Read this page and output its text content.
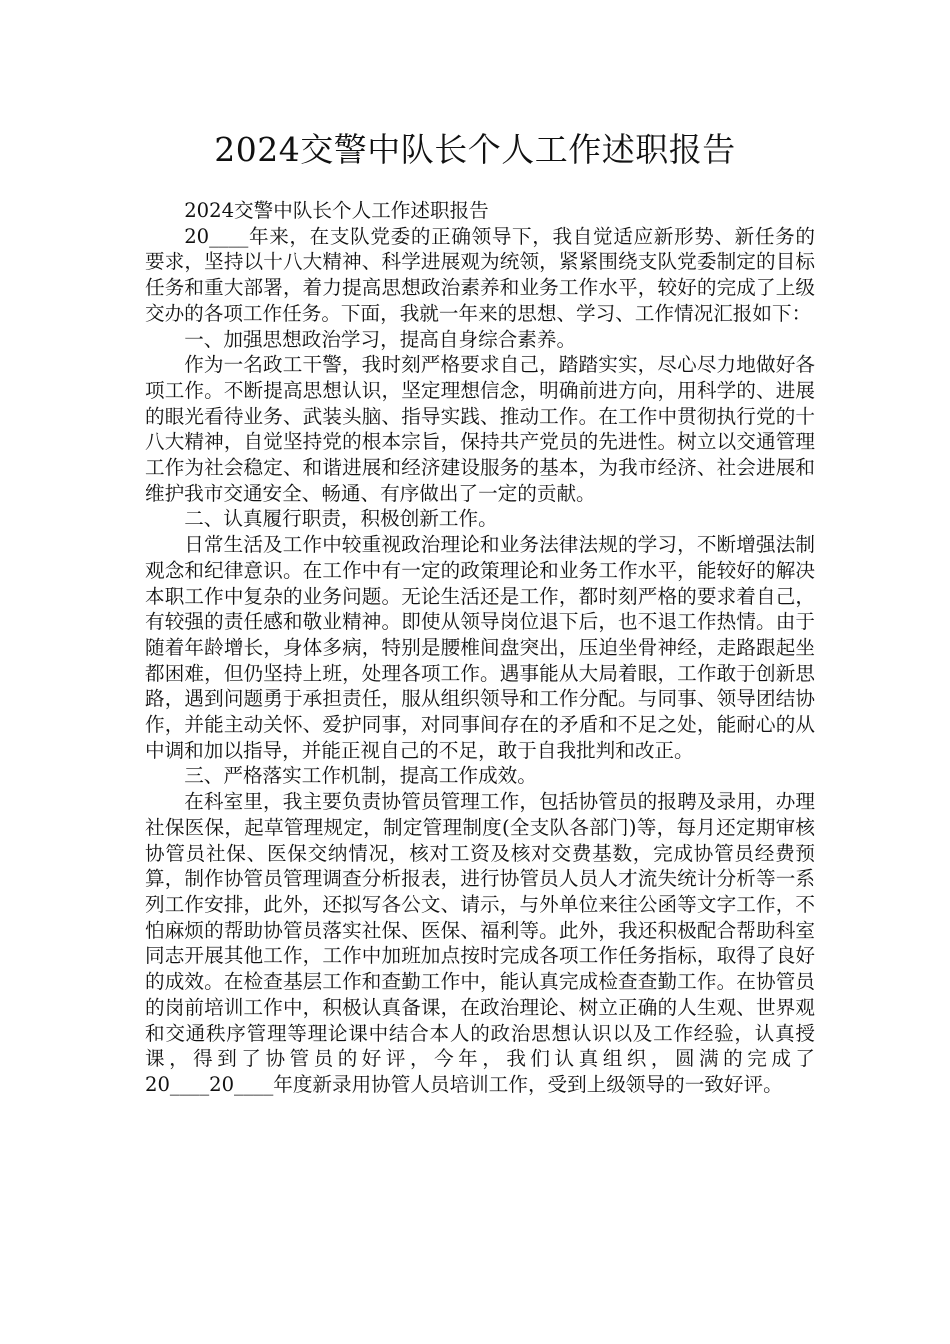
2024交警中队长个人工作述职报告

2024交警中队长个人工作述职报告

20____年来，在支队党委的正确领导下，我自觉适应新形势、新任务的要求，坚持以十八大精神、科学进展观为统领，紧紧围绕支队党委制定的目标任务和重大部署，着力提高思想政治素养和业务工作水平，较好的完成了上级交办的各项工作任务。下面，我就一年来的思想、学习、工作情况汇报如下：

一、加强思想政治学习，提高自身综合素养。

作为一名政工干警，我时刻严格要求自己，踏踏实实，尽心尽力地做好各项工作。不断提高思想认识，坚定理想信念，明确前进方向，用科学的、进展的眼光看待业务、武装头脑、指导实践、推动工作。在工作中贯彻执行党的十八大精神，自觉坚持党的根本宗旨，保持共产党员的先进性。树立以交通管理工作为社会稳定、和谐进展和经济建设服务的基本，为我市经济、社会进展和维护我市交通安全、畅通、有序做出了一定的贡献。

二、认真履行职责，积极创新工作。

日常生活及工作中较重视政治理论和业务法律法规的学习，不断增强法制观念和纪律意识。在工作中有一定的政策理论和业务工作水平，能较好的解决本职工作中复杂的业务问题。无论生活还是工作，都时刻严格的要求着自己，有较强的责任感和敬业精神。即使从领导岗位退下后，也不退工作热情。由于随着年龄增长，身体多病，特别是腰椎间盘突出，压迫坐骨神经，走路跟起坐都困难，但仍坚持上班，处理各项工作。遇事能从大局着眼，工作敢于创新思路，遇到问题勇于承担责任，服从组织领导和工作分配。与同事、领导团结协作，并能主动关怀、爱护同事，对同事间存在的矛盾和不足之处，能耐心的从中调和加以指导，并能正视自己的不足，敢于自我批判和改正。

三、严格落实工作机制，提高工作成效。

在科室里，我主要负责协管员管理工作，包括协管员的报聘及录用，办理社保医保，起草管理规定，制定管理制度(全支队各部门)等，每月还定期审核协管员社保、医保交纳情况，核对工资及核对交费基数，完成协管员经费预算，制作协管员管理调查分析报表，进行协管员人员人才流失统计分析等一系列工作安排，此外，还拟写各公文、请示，与外单位来往公函等文字工作，不怕麻烦的帮助协管员落实社保、医保、福利等。此外，我还积极配合帮助科室同志开展其他工作，工作中加班加点按时完成各项工作任务指标，取得了良好的成效。在检查基层工作和查勤工作中，能认真完成检查查勤工作。在协管员的岗前培训工作中，积极认真备课，在政治理论、树立正确的人生观、世界观和交通秩序管理等理论课中结合本人的政治思想认识以及工作经验，认真授课，得到了协管员的好评，今年，我们认真组织，圆满的完成了20____20____年度新录用协管人员培训工作，受到上级领导的一致好评。
